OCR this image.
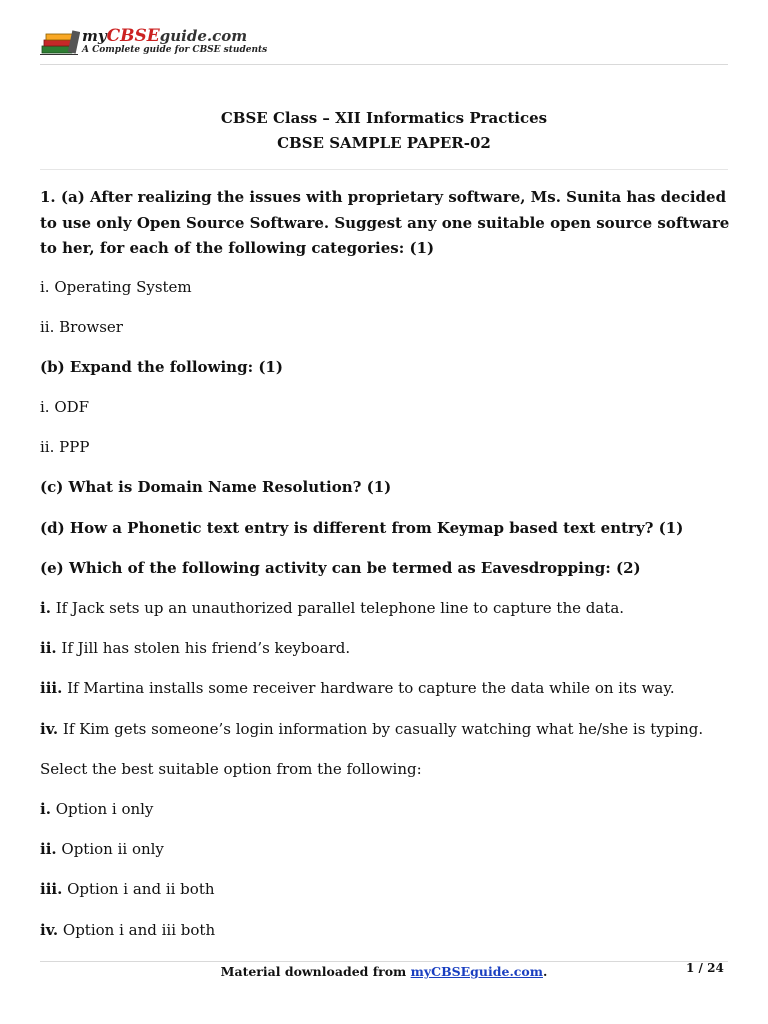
myCBSEguide.com
A Complete guide for CBSE students
CBSE Class – XII Informatics Practices
CBSE SAMPLE PAPER-02
1. (a) After realizing the issues with proprietary software, Ms. Sunita has decided to use only Open Source Software. Suggest any one suitable open source software to her, for each of the following categories: (1)
i. Operating System
ii. Browser
(b) Expand the following: (1)
i. ODF
ii. PPP
(c) What is Domain Name Resolution? (1)
(d) How a Phonetic text entry is different from Keymap based text entry? (1)
(e) Which of the following activity can be termed as Eavesdropping: (2)
i. If Jack sets up an unauthorized parallel telephone line to capture the data.
ii. If Jill has stolen his friend’s keyboard.
iii. If Martina installs some receiver hardware to capture the data while on its way.
iv. If Kim gets someone’s login information by casually watching what he/she is typing.
Select the best suitable option from the following:
i. Option i only
ii. Option ii only
iii. Option i and ii both
iv. Option i and iii both
Material downloaded from myCBSEguide.com.	1 / 24
